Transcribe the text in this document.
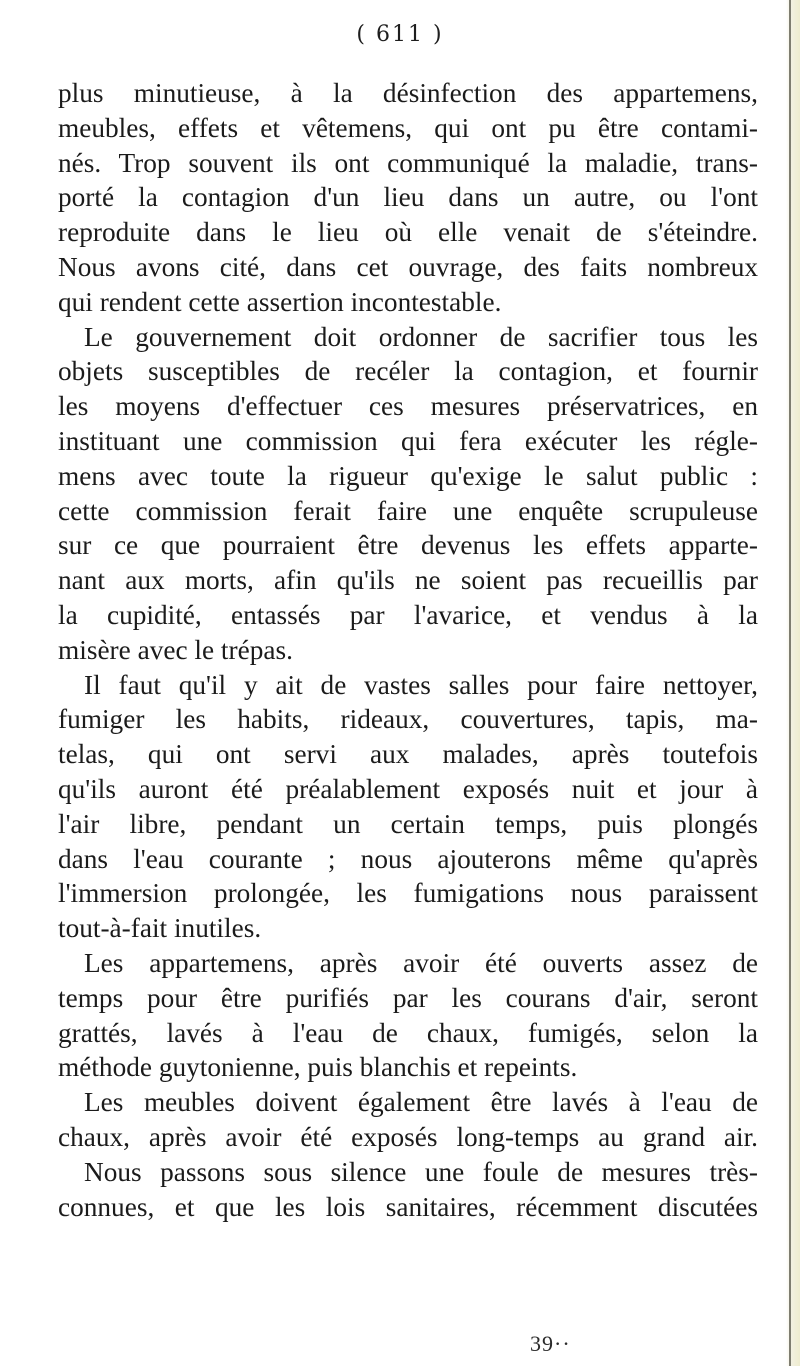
( 611 )
plus minutieuse, à la désinfection des appartemens,
meubles, effets et vêtemens, qui ont pu être contami-
nés. Trop souvent ils ont communiqué la maladie, trans-
porté la contagion d'un lieu dans un autre, ou l'ont
reproduite dans le lieu où elle venait de s'éteindre.
Nous avons cité, dans cet ouvrage, des faits nombreux
qui rendent cette assertion incontestable.
Le gouvernement doit ordonner de sacrifier tous les
objets susceptibles de recéler la contagion, et fournir
les moyens d'effectuer ces mesures préservatrices, en
instituant une commission qui fera exécuter les régle-
mens avec toute la rigueur qu'exige le salut public :
cette commission ferait faire une enquête scrupuleuse
sur ce que pourraient être devenus les effets apparte-
nant aux morts, afin qu'ils ne soient pas recueillis par
la cupidité, entassés par l'avarice, et vendus à la
misère avec le trépas.
Il faut qu'il y ait de vastes salles pour faire nettoyer,
fumiger les habits, rideaux, couvertures, tapis, ma-
telas, qui ont servi aux malades, après toutefois
qu'ils auront été préalablement exposés nuit et jour à
l'air libre, pendant un certain temps, puis plongés
dans l'eau courante ; nous ajouterons même qu'après
l'immersion prolongée, les fumigations nous paraissent
tout-à-fait inutiles.
Les appartemens, après avoir été ouverts assez de
temps pour être purifiés par les courans d'air, seront
grattés, lavés à l'eau de chaux, fumigés, selon la
méthode guytonienne, puis blanchis et repeints.
Les meubles doivent également être lavés à l'eau de
chaux, après avoir été exposés long-temps au grand air.
Nous passons sous silence une foule de mesures très-
connues, et que les lois sanitaires, récemment discutées
39··
